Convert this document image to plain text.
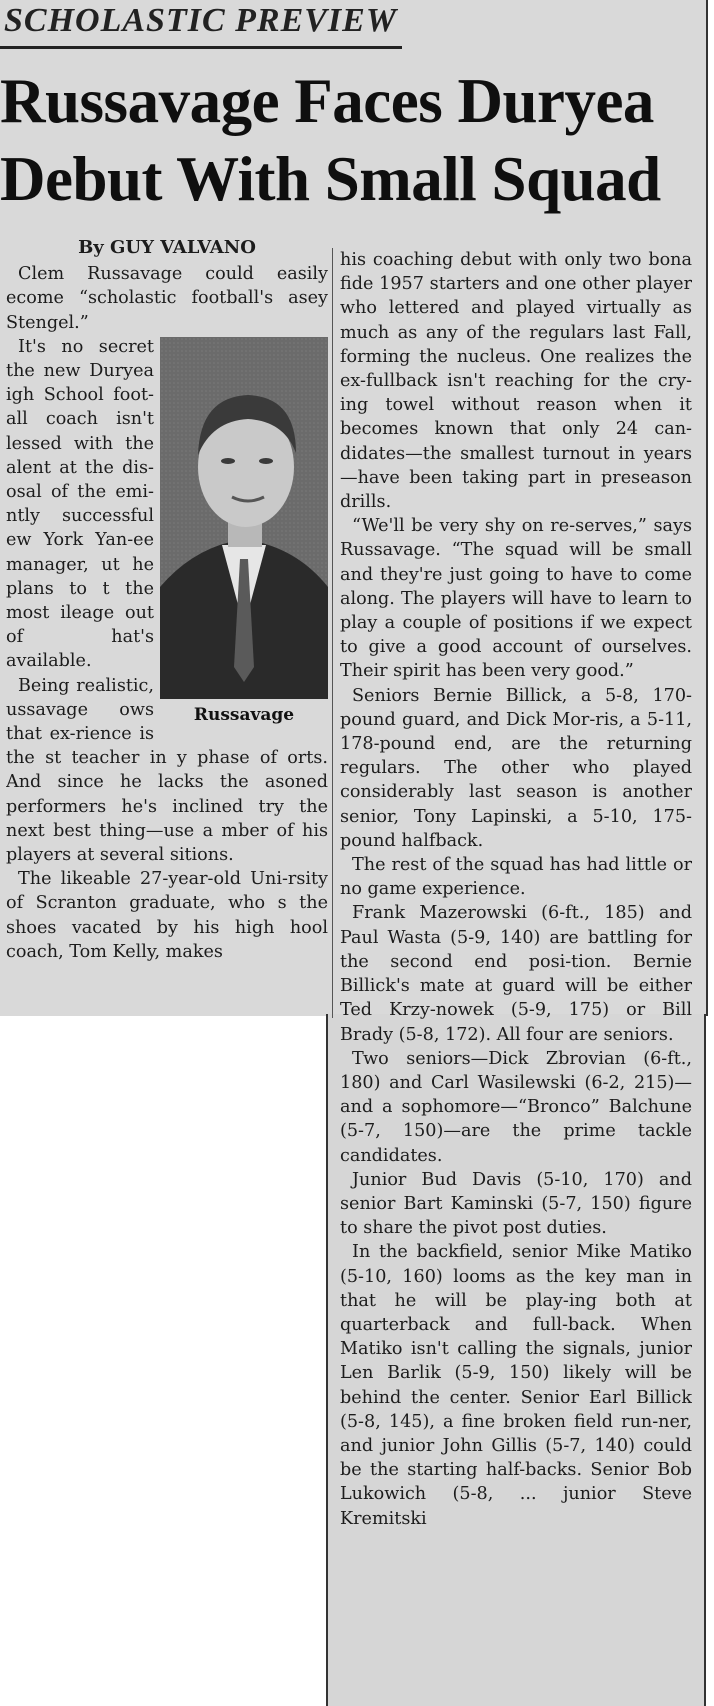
SCHOLASTIC PREVIEW
Russavage Faces Duryea
Debut With Small Squad

By GUY VALVANO

Clem Russavage could easily ecome “scholastic football's asey Stengel.”

Russavage

It's no secret the new Duryea igh School foot-all coach isn't lessed with the alent at the dis-osal of the emi-ntly successful ew York Yan-ee manager, ut he plans to t the most ileage out of hat's available.

Being realistic, ussavage ows that ex-rience is the st teacher in y phase of orts. And since he lacks the asoned performers he's inclined try the next best thing—use a mber of his players at several sitions.

The likeable 27-year-old Uni-rsity of Scranton graduate, who s the shoes vacated by his high hool coach, Tom Kelly, makes

his coaching debut with only two bona fide 1957 starters and one other player who lettered and played virtually as much as any of the regulars last Fall, forming the nucleus. One realizes the ex-fullback isn't reaching for the cry-ing towel without reason when it becomes known that only 24 can-didates—the smallest turnout in years—have been taking part in preseason drills.

“We'll be very shy on re-serves,” says Russavage. “The squad will be small and they're just going to have to come along. The players will have to learn to play a couple of positions if we expect to give a good account of ourselves. Their spirit has been very good.”

Seniors Bernie Billick, a 5-8, 170-pound guard, and Dick Mor-ris, a 5-11, 178-pound end, are the returning regulars. The other who played considerably last season is another senior, Tony Lapinski, a 5-10, 175-pound halfback.

The rest of the squad has had little or no game experience.

Frank Mazerowski (6-ft., 185) and Paul Wasta (5-9, 140) are battling for the second end posi-tion. Bernie Billick's mate at guard will be either Ted Krzy-nowek (5-9, 175) or Bill Brady (5-8, 172). All four are seniors.

Two seniors—Dick Zbrovian (6-ft., 180) and Carl Wasilewski (6-2, 215)—and a sophomore—“Bronco” Balchune (5-7, 150)—are the prime tackle candidates.

Junior Bud Davis (5-10, 170) and senior Bart Kaminski (5-7, 150) figure to share the pivot post duties.

In the backfield, senior Mike Matiko (5-10, 160) looms as the key man in that he will be play-ing both at quarterback and full-back. When Matiko isn't calling the signals, junior Len Barlik (5-9, 150) likely will be behind the center. Senior Earl Billick (5-8, 145), a fine broken field run-ner, and junior John Gillis (5-7, 140) could be the starting half-backs. Senior Bob Lukowich (5-8, ... junior Steve Kremitski
